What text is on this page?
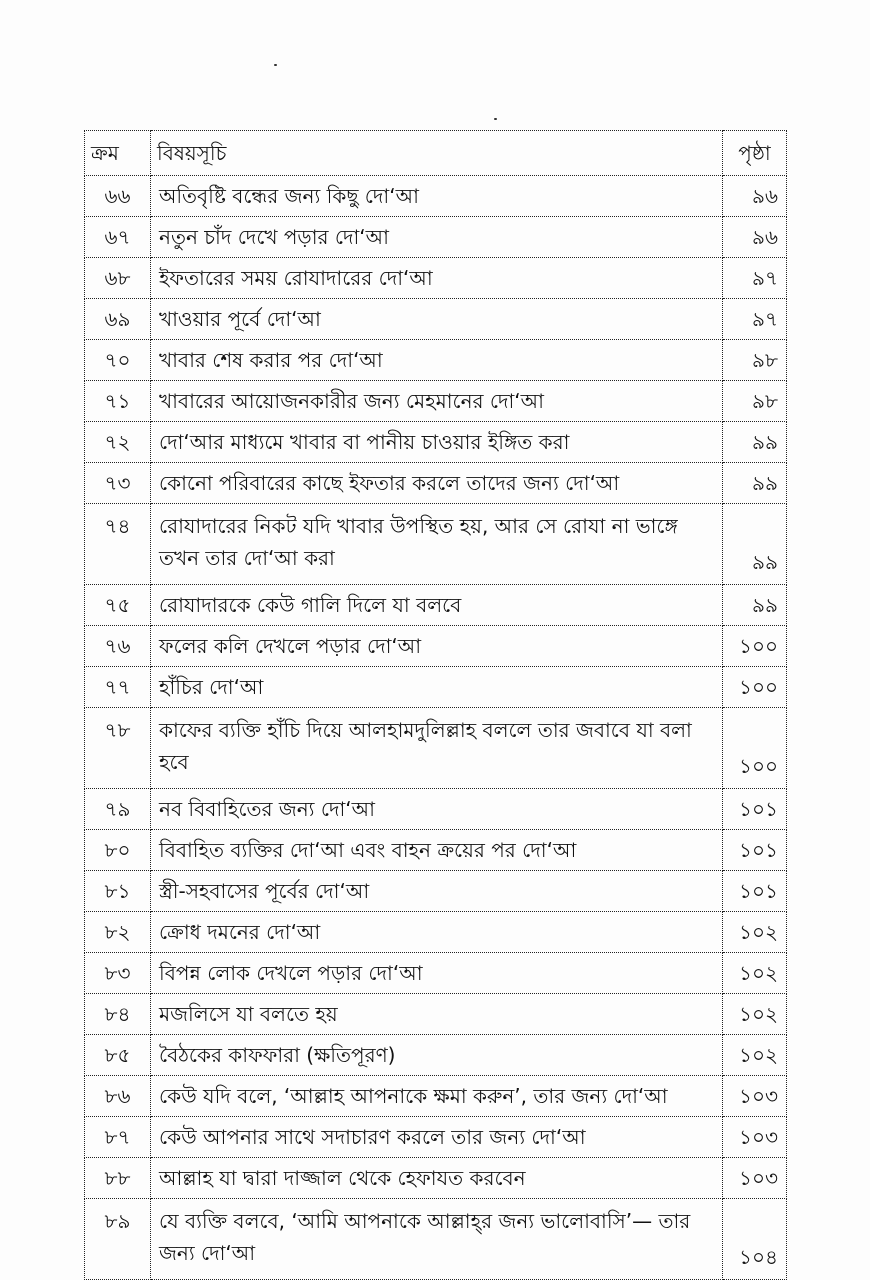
ক্রম	বিষয়সূচি	পৃষ্ঠা
৬৬	অতিবৃষ্টি বন্ধের জন্য কিছু দো‘আ	৯৬
৬৭	নতুন চাঁদ দেখে পড়ার দো‘আ	৯৬
৬৮	ইফতারের সময় রোযাদারের দো‘আ	৯৭
৬৯	খাওয়ার পূর্বে দো‘আ	৯৭
৭০	খাবার শেষ করার পর দো‘আ	৯৮
৭১	খাবারের আয়োজনকারীর জন্য মেহমানের দো‘আ	৯৮
৭২	দো‘আর মাধ্যমে খাবার বা পানীয় চাওয়ার ইঙ্গিত করা	৯৯
৭৩	কোনো পরিবারের কাছে ইফতার করলে তাদের জন্য দো‘আ	৯৯
৭৪	রোযাদারের নিকট যদি খাবার উপস্থিত হয়, আর সে রোযা না ভাঙ্গে তখন তার দো‘আ করা	৯৯
৭৫	রোযাদারকে কেউ গালি দিলে যা বলবে	৯৯
৭৬	ফলের কলি দেখলে পড়ার দো‘আ	১০০
৭৭	হাঁচির দো‘আ	১০০
৭৮	কাফের ব্যক্তি হাঁচি দিয়ে আলহামদুলিল্লাহ বললে তার জবাবে যা বলা হবে	১০০
৭৯	নব বিবাহিতের জন্য দো‘আ	১০১
৮০	বিবাহিত ব্যক্তির দো‘আ এবং বাহন ক্রয়ের পর দো‘আ	১০১
৮১	স্ত্রী-সহবাসের পূর্বের দো‘আ	১০১
৮২	ক্রোধ দমনের দো‘আ	১০২
৮৩	বিপন্ন লোক দেখলে পড়ার দো‘আ	১০২
৮৪	মজলিসে যা বলতে হয়	১০২
৮৫	বৈঠকের কাফফারা (ক্ষতিপূরণ)	১০২
৮৬	কেউ যদি বলে, ‘আল্লাহ আপনাকে ক্ষমা করুন’, তার জন্য দো‘আ	১০৩
৮৭	কেউ আপনার সাথে সদাচারণ করলে তার জন্য দো‘আ	১০৩
৮৮	আল্লাহ যা দ্বারা দাজ্জাল থেকে হেফাযত করবেন	১০৩
৮৯	যে ব্যক্তি বলবে, ‘আমি আপনাকে আল্লাহ্‌র জন্য ভালোবাসি’— তার জন্য দো‘আ	১০৪
